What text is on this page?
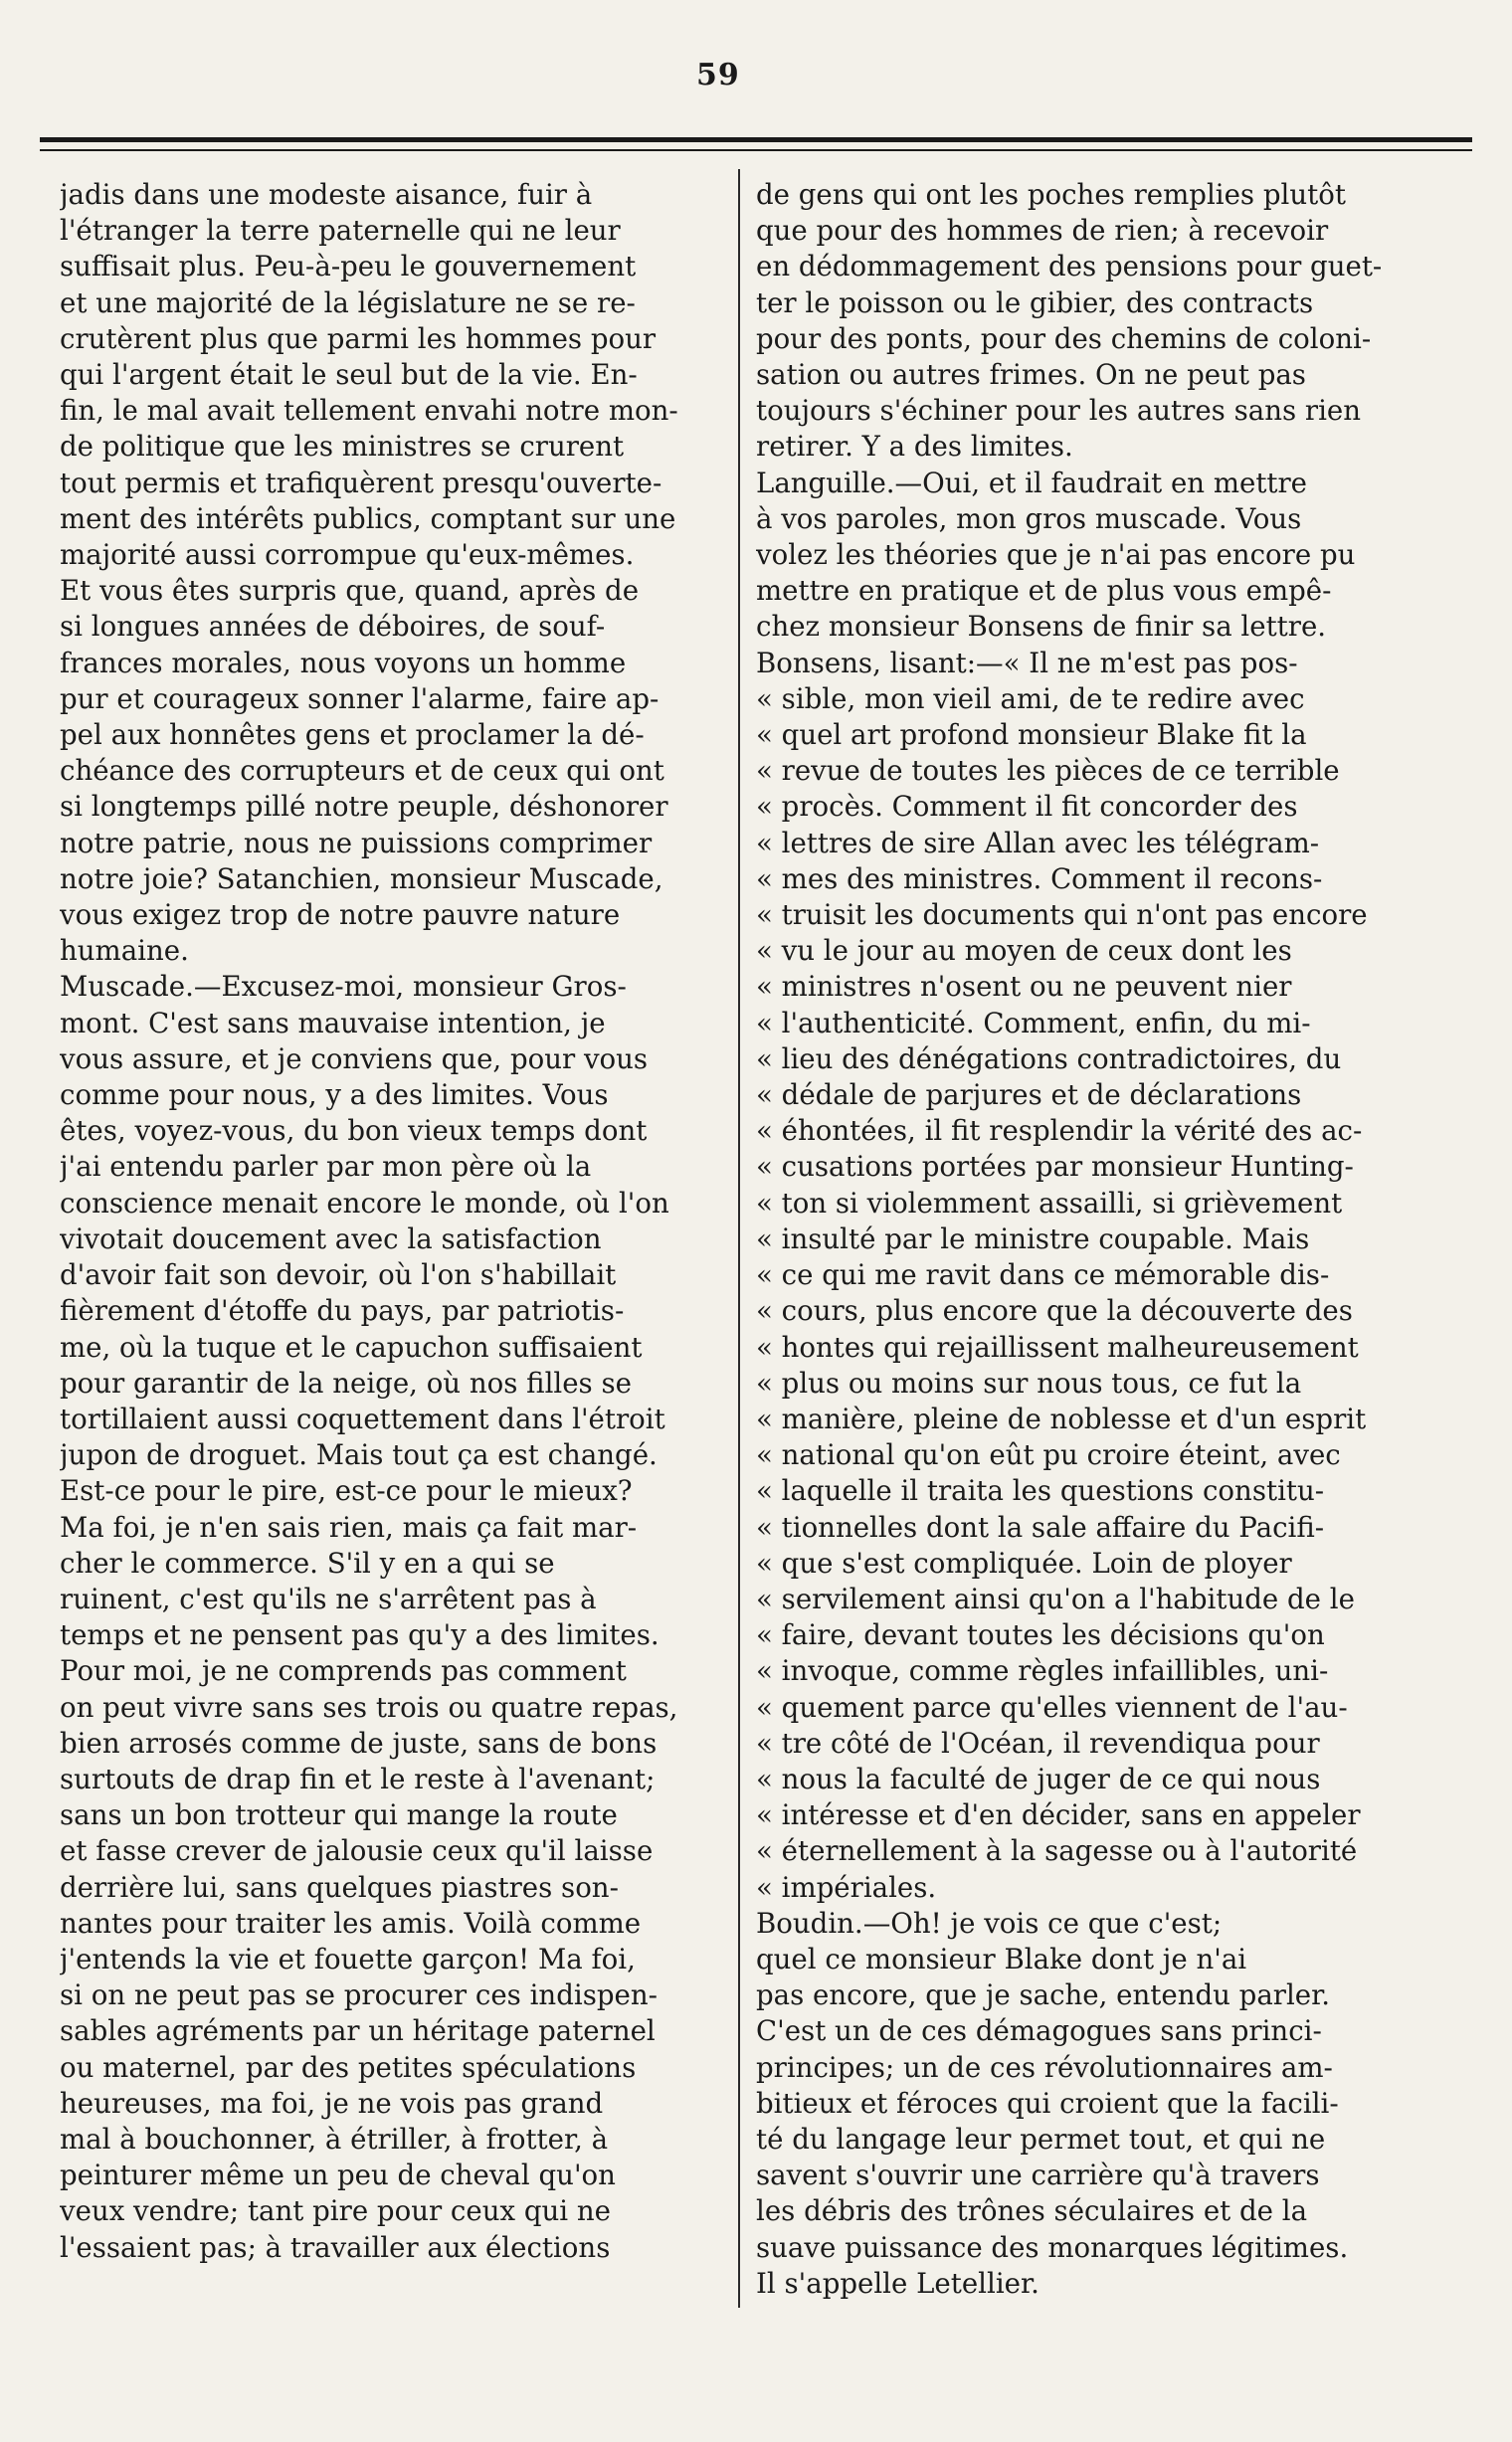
59
jadis dans une modeste aisance, fuir à
l'étranger la terre paternelle qui ne leur
suffisait plus. Peu-à-peu le gouvernement
et une majorité de la législature ne se re-
crutèrent plus que parmi les hommes pour
qui l'argent était le seul but de la vie. En-
fin, le mal avait tellement envahi notre mon-
de politique que les ministres se crurent
tout permis et trafiquèrent presqu'ouverte-
ment des intérêts publics, comptant sur une
majorité aussi corrompue qu'eux-mêmes.
Et vous êtes surpris que, quand, après de
si longues années de déboires, de souf-
frances morales, nous voyons un homme
pur et courageux sonner l'alarme, faire ap-
pel aux honnêtes gens et proclamer la dé-
chéance des corrupteurs et de ceux qui ont
si longtemps pillé notre peuple, déshonorer
notre patrie, nous ne puissions comprimer
notre joie? Satanchien, monsieur Muscade,
vous exigez trop de notre pauvre nature
humaine.
Muscade.—Excusez-moi, monsieur Gros-
mont. C'est sans mauvaise intention, je
vous assure, et je conviens que, pour vous
comme pour nous, y a des limites. Vous
êtes, voyez-vous, du bon vieux temps dont
j'ai entendu parler par mon père où la
conscience menait encore le monde, où l'on
vivotait doucement avec la satisfaction
d'avoir fait son devoir, où l'on s'habillait
fièrement d'étoffe du pays, par patriotis-
me, où la tuque et le capuchon suffisaient
pour garantir de la neige, où nos filles se
tortillaient aussi coquettement dans l'étroit
jupon de droguet. Mais tout ça est changé.
Est-ce pour le pire, est-ce pour le mieux?
Ma foi, je n'en sais rien, mais ça fait mar-
cher le commerce. S'il y en a qui se
ruinent, c'est qu'ils ne s'arrêtent pas à
temps et ne pensent pas qu'y a des limites.
Pour moi, je ne comprends pas comment
on peut vivre sans ses trois ou quatre repas,
bien arrosés comme de juste, sans de bons
surtouts de drap fin et le reste à l'avenant;
sans un bon trotteur qui mange la route
et fasse crever de jalousie ceux qu'il laisse
derrière lui, sans quelques piastres son-
nantes pour traiter les amis. Voilà comme
j'entends la vie et fouette garçon! Ma foi,
si on ne peut pas se procurer ces indispen-
sables agréments par un héritage paternel
ou maternel, par des petites spéculations
heureuses, ma foi, je ne vois pas grand
mal à bouchonner, à étriller, à frotter, à
peinturer même un peu de cheval qu'on
veux vendre; tant pire pour ceux qui ne
l'essaient pas; à travailler aux élections
de gens qui ont les poches remplies plutôt
que pour des hommes de rien; à recevoir
en dédommagement des pensions pour guet-
ter le poisson ou le gibier, des contracts
pour des ponts, pour des chemins de coloni-
sation ou autres frimes. On ne peut pas
toujours s'échiner pour les autres sans rien
retirer. Y a des limites.
Languille.—Oui, et il faudrait en mettre
à vos paroles, mon gros muscade. Vous
volez les théories que je n'ai pas encore pu
mettre en pratique et de plus vous empê-
chez monsieur Bonsens de finir sa lettre.
Bonsens, lisant:—« Il ne m'est pas pos-
« sible, mon vieil ami, de te redire avec
« quel art profond monsieur Blake fit la
« revue de toutes les pièces de ce terrible
« procès. Comment il fit concorder des
« lettres de sire Allan avec les télégram-
« mes des ministres. Comment il recons-
« truisit les documents qui n'ont pas encore
« vu le jour au moyen de ceux dont les
« ministres n'osent ou ne peuvent nier
« l'authenticité. Comment, enfin, du mi-
« lieu des dénégations contradictoires, du
« dédale de parjures et de déclarations
« éhontées, il fit resplendir la vérité des ac-
« cusations portées par monsieur Hunting-
« ton si violemment assailli, si grièvement
« insulté par le ministre coupable. Mais
« ce qui me ravit dans ce mémorable dis-
« cours, plus encore que la découverte des
« hontes qui rejaillissent malheureusement
« plus ou moins sur nous tous, ce fut la
« manière, pleine de noblesse et d'un esprit
« national qu'on eût pu croire éteint, avec
« laquelle il traita les questions constitu-
« tionnelles dont la sale affaire du Pacifi-
« que s'est compliquée. Loin de ployer
« servilement ainsi qu'on a l'habitude de le
« faire, devant toutes les décisions qu'on
« invoque, comme règles infaillibles, uni-
« quement parce qu'elles viennent de l'au-
« tre côté de l'Océan, il revendiqua pour
« nous la faculté de juger de ce qui nous
« intéresse et d'en décider, sans en appeler
« éternellement à la sagesse ou à l'autorité
« impériales.
Boudin.—Oh! je vois ce que c'est;
quel ce monsieur Blake dont je n'ai
pas encore, que je sache, entendu parler.
C'est un de ces démagogues sans princi-
principes; un de ces révolutionnaires am-
bitieux et féroces qui croient que la facili-
té du langage leur permet tout, et qui ne
savent s'ouvrir une carrière qu'à travers
les débris des trônes séculaires et de la
suave puissance des monarques légitimes.
Il s'appelle Letellier.
